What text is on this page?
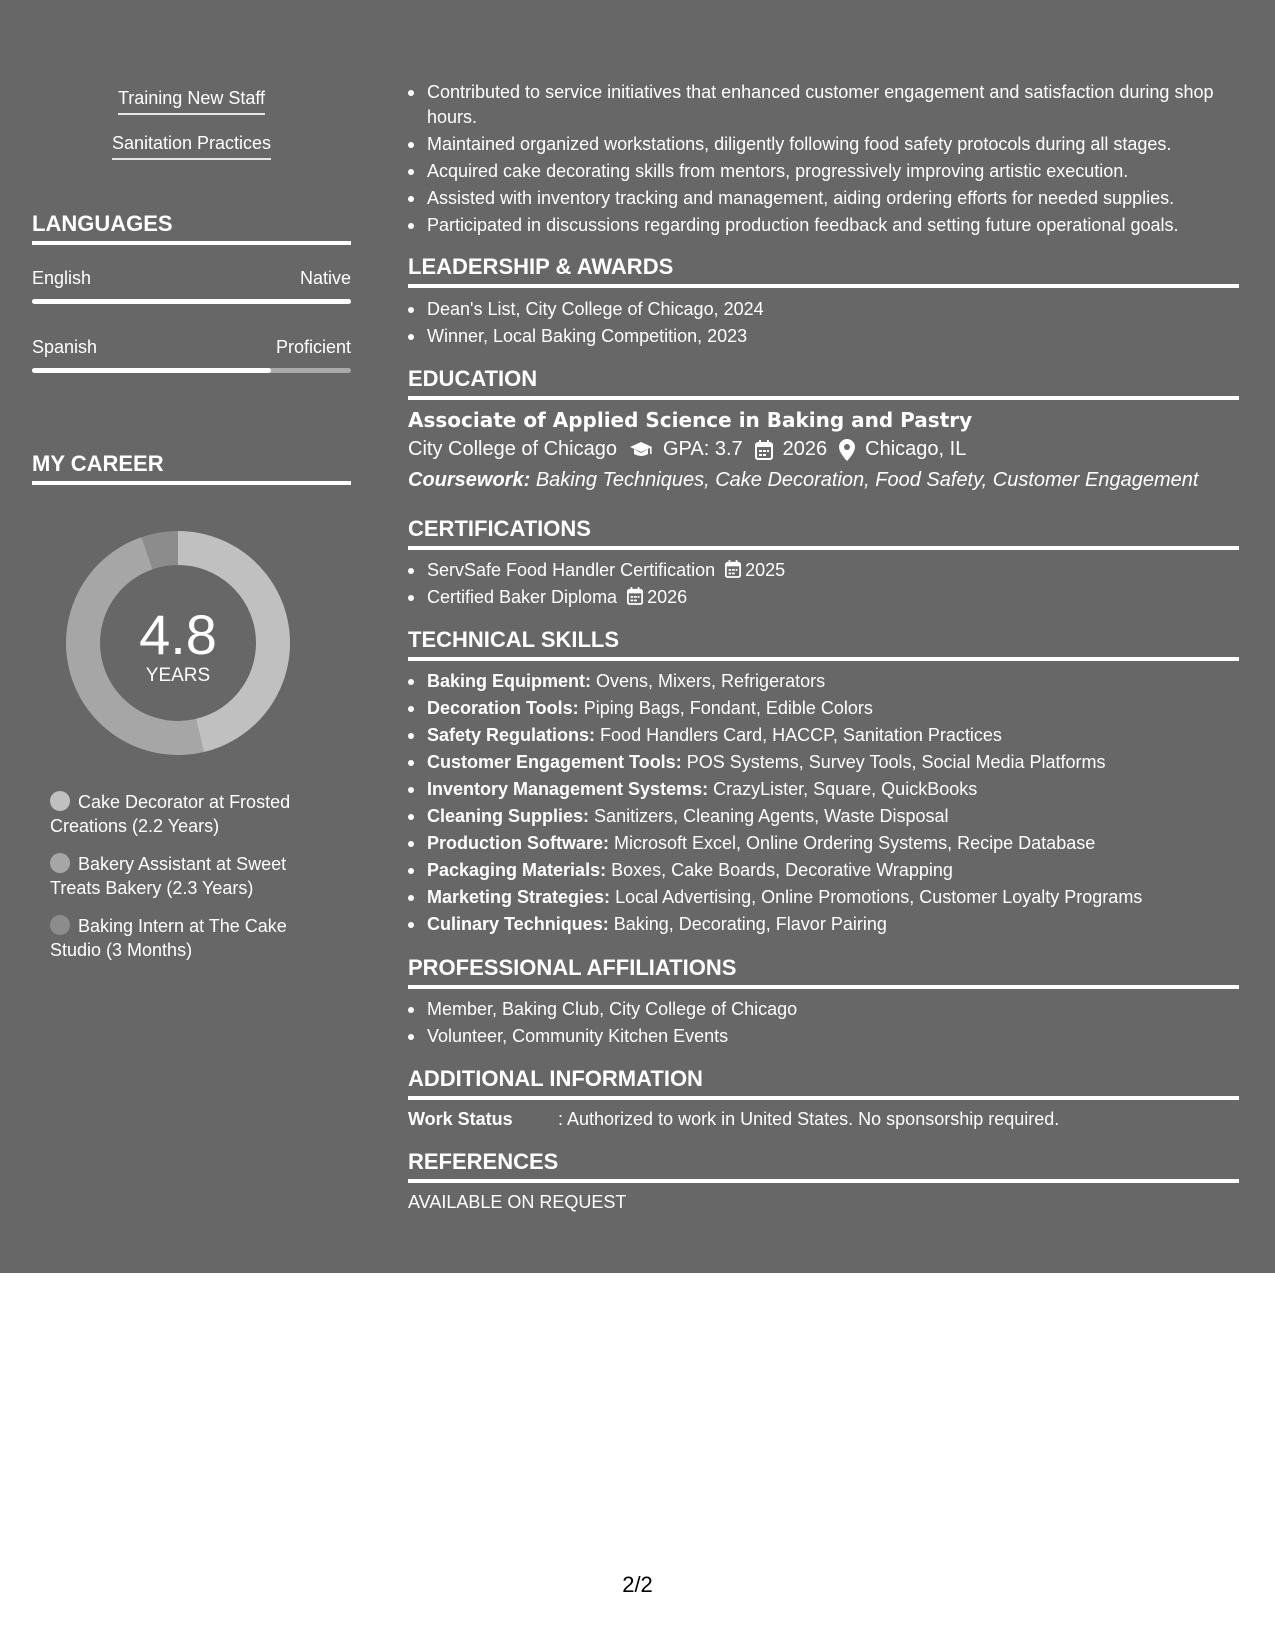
Training New Staff
Sanitation Practices
LANGUAGES
English	Native
Spanish	Proficient
MY CAREER
4.8
YEARS
Cake Decorator at Frosted Creations (2.2 Years)
Bakery Assistant at Sweet Treats Bakery (2.3 Years)
Baking Intern at The Cake Studio (3 Months)
Contributed to service initiatives that enhanced customer engagement and satisfaction during shop hours.
Maintained organized workstations, diligently following food safety protocols during all stages.
Acquired cake decorating skills from mentors, progressively improving artistic execution.
Assisted with inventory tracking and management, aiding ordering efforts for needed supplies.
Participated in discussions regarding production feedback and setting future operational goals.
LEADERSHIP & AWARDS
Dean's List, City College of Chicago, 2024
Winner, Local Baking Competition, 2023
EDUCATION
Associate of Applied Science in Baking and Pastry
City College of Chicago GPA: 3.7 2026 Chicago, IL
Coursework: Baking Techniques, Cake Decoration, Food Safety, Customer Engagement
CERTIFICATIONS
ServSafe Food Handler Certification 2025
Certified Baker Diploma 2026
TECHNICAL SKILLS
Baking Equipment: Ovens, Mixers, Refrigerators
Decoration Tools: Piping Bags, Fondant, Edible Colors
Safety Regulations: Food Handlers Card, HACCP, Sanitation Practices
Customer Engagement Tools: POS Systems, Survey Tools, Social Media Platforms
Inventory Management Systems: CrazyLister, Square, QuickBooks
Cleaning Supplies: Sanitizers, Cleaning Agents, Waste Disposal
Production Software: Microsoft Excel, Online Ordering Systems, Recipe Database
Packaging Materials: Boxes, Cake Boards, Decorative Wrapping
Marketing Strategies: Local Advertising, Online Promotions, Customer Loyalty Programs
Culinary Techniques: Baking, Decorating, Flavor Pairing
PROFESSIONAL AFFILIATIONS
Member, Baking Club, City College of Chicago
Volunteer, Community Kitchen Events
ADDITIONAL INFORMATION
Work Status	: Authorized to work in United States. No sponsorship required.
REFERENCES
AVAILABLE ON REQUEST
2/2
